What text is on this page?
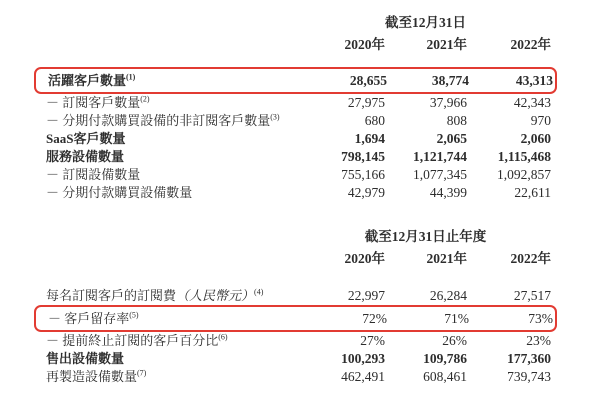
截至12月31日
2020年	2021年	2022年
活躍客戶數量$^{(1)}$	28,655	38,774	43,313
－ 訂閱客戶數量$^{(2)}$	27,975	37,966	42,343
－ 分期付款購買設備的非訂閱客戶數量$^{(3)}$	680	808	970
SaaS客戶數量	1,694	2,065	2,060
服務設備數量	798,145	1,121,744	1,115,468
－ 訂閱設備數量	755,166	1,077,345	1,092,857
－ 分期付款購買設備數量	42,979	44,399	22,611
截至12月31日止年度
2020年	2021年	2022年
每名訂閱客戶的訂閱費（人民幣元）$^{(4)}$	22,997	26,284	27,517
－ 客戶留存率$^{(5)}$	72%	71%	73%
－ 提前終止訂閱的客戶百分比$^{(6)}$	27%	26%	23%
售出設備數量	100,293	109,786	177,360
再製造設備數量$^{(7)}$	462,491	608,461	739,743
